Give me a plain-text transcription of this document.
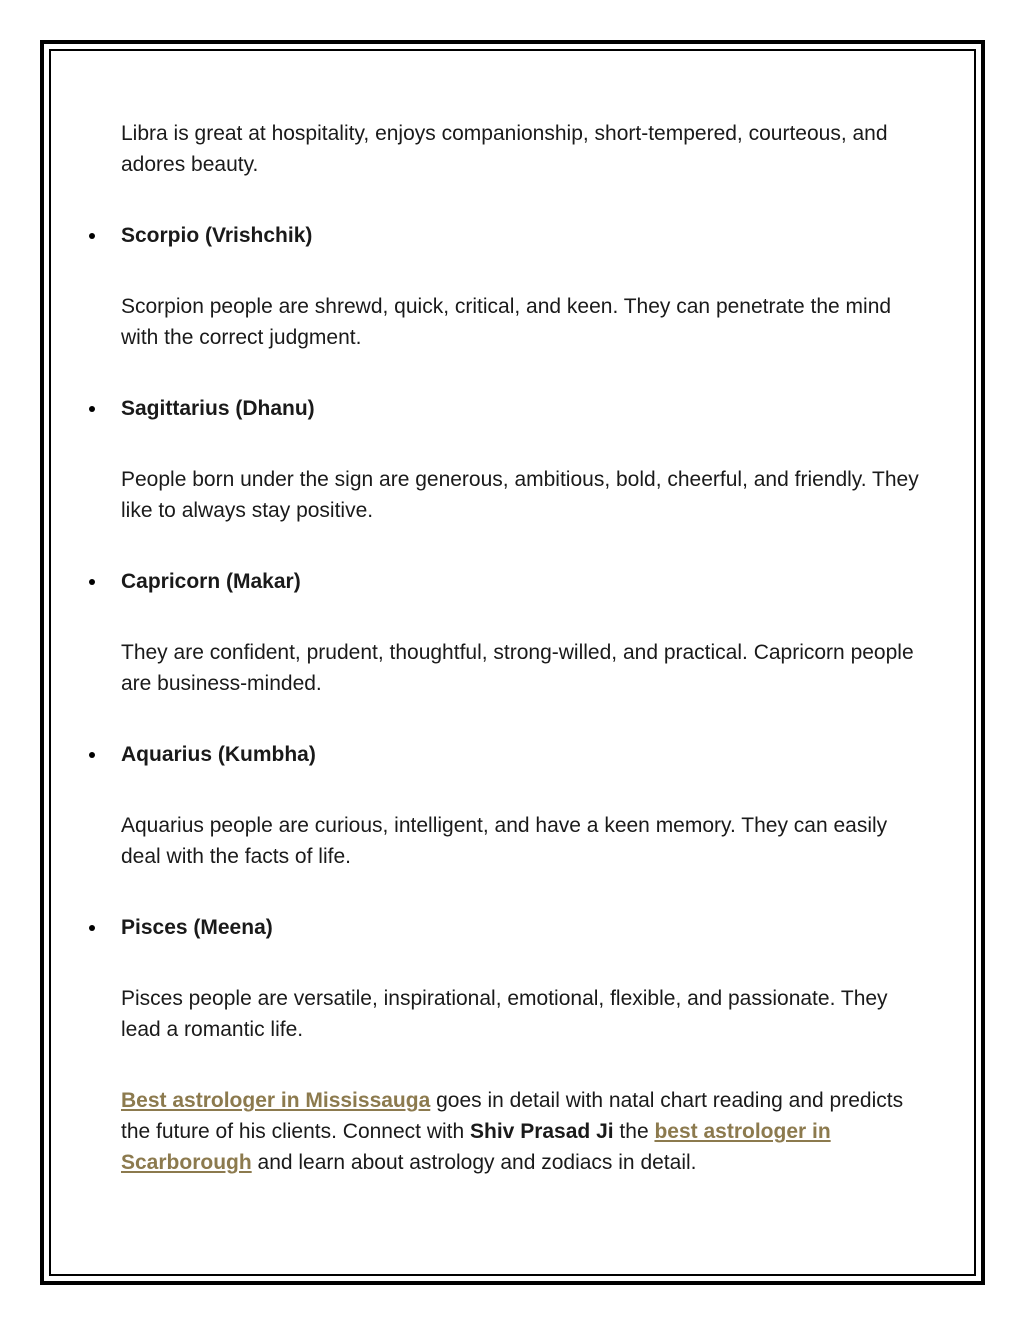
Libra is great at hospitality, enjoys companionship, short-tempered, courteous, and adores beauty.

Scorpio (Vrishchik)

Scorpion people are shrewd, quick, critical, and keen. They can penetrate the mind with the correct judgment.

Sagittarius (Dhanu)

People born under the sign are generous, ambitious, bold, cheerful, and friendly. They like to always stay positive.

Capricorn (Makar)

They are confident, prudent, thoughtful, strong-willed, and practical. Capricorn people are business-minded.

Aquarius (Kumbha)

Aquarius people are curious, intelligent, and have a keen memory. They can easily deal with the facts of life.

Pisces (Meena)

Pisces people are versatile, inspirational, emotional, flexible, and passionate. They lead a romantic life.

Best astrologer in Mississauga goes in detail with natal chart reading and predicts the future of his clients. Connect with Shiv Prasad Ji the best astrologer in Scarborough and learn about astrology and zodiacs in detail.
